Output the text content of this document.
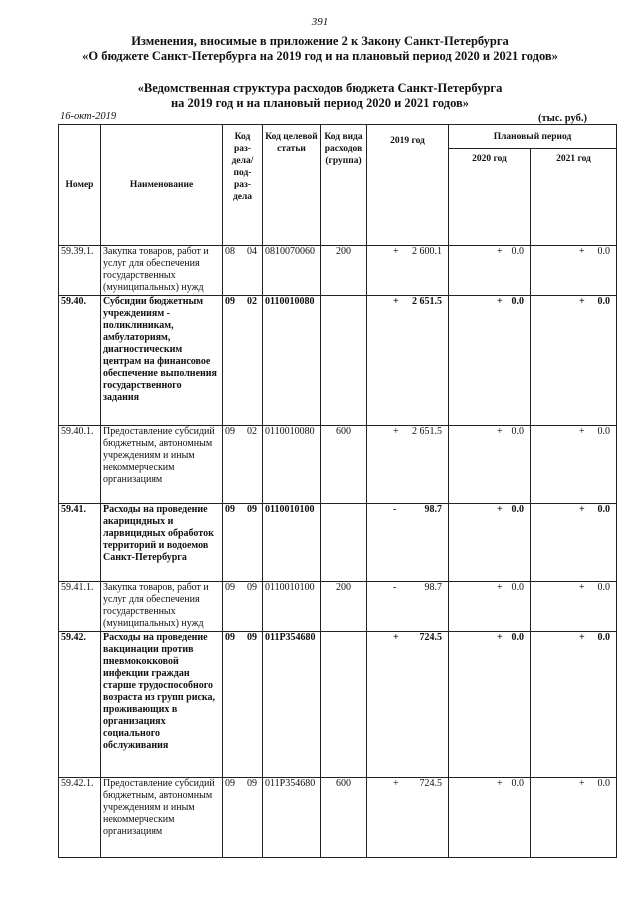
391
Изменения, вносимые в приложение 2 к Закону Санкт-Петербурга
«О бюджете Санкт-Петербурга на 2019 год и на плановый период 2020 и 2021 годов»
«Ведомственная структура расходов бюджета Санкт-Петербурга
на 2019 год и на плановый период 2020 и 2021 годов»
16-окт-2019	(тыс. руб.)
Номер	Наименование	Код раз- дела/ под- раз- дела	Код целевой статьи	Код вида расходов (группа)	2019 год	Плановый период	
						2020 год	2021 год
59.39.1.	Закупка товаров, работ и услуг для обеспечения государственных (муниципальных) нужд	08 04	0810070060	200	+ 2 600.1	+ 0.0	+ 0.0

59.40.	Субсидии бюджетным учреждениям - поликлиникам, амбулаториям, диагностическим центрам на финансовое обеспечение выполнения государственного задания	09 02	0110010080		+ 2 651.5	+ 0.0	+ 0.0

59.40.1.	Предоставление субсидий бюджетным, автономным учреждениям и иным некоммерческим организациям	09 02	0110010080	600	+ 2 651.5	+ 0.0	+ 0.0

59.41.	Расходы на проведение акарицидных и ларвицидных обработок территорий и водоемов Санкт-Петербурга	09 09	0110010100		- 98.7	+ 0.0	+ 0.0

59.41.1.	Закупка товаров, работ и услуг для обеспечения государственных (муниципальных) нужд	09 09	0110010100	200	- 98.7	+ 0.0	+ 0.0

59.42.	Расходы на проведение вакцинации против пневмококковой инфекции граждан старше трудоспособного возраста из групп риска, проживающих в организациях социального обслуживания	09 09	011P354680		+ 724.5	+ 0.0	+ 0.0

59.42.1.	Предоставление субсидий бюджетным, автономным учреждениям и иным некоммерческим организациям	09 09	011P354680	600	+ 724.5	+ 0.0	+ 0.0
